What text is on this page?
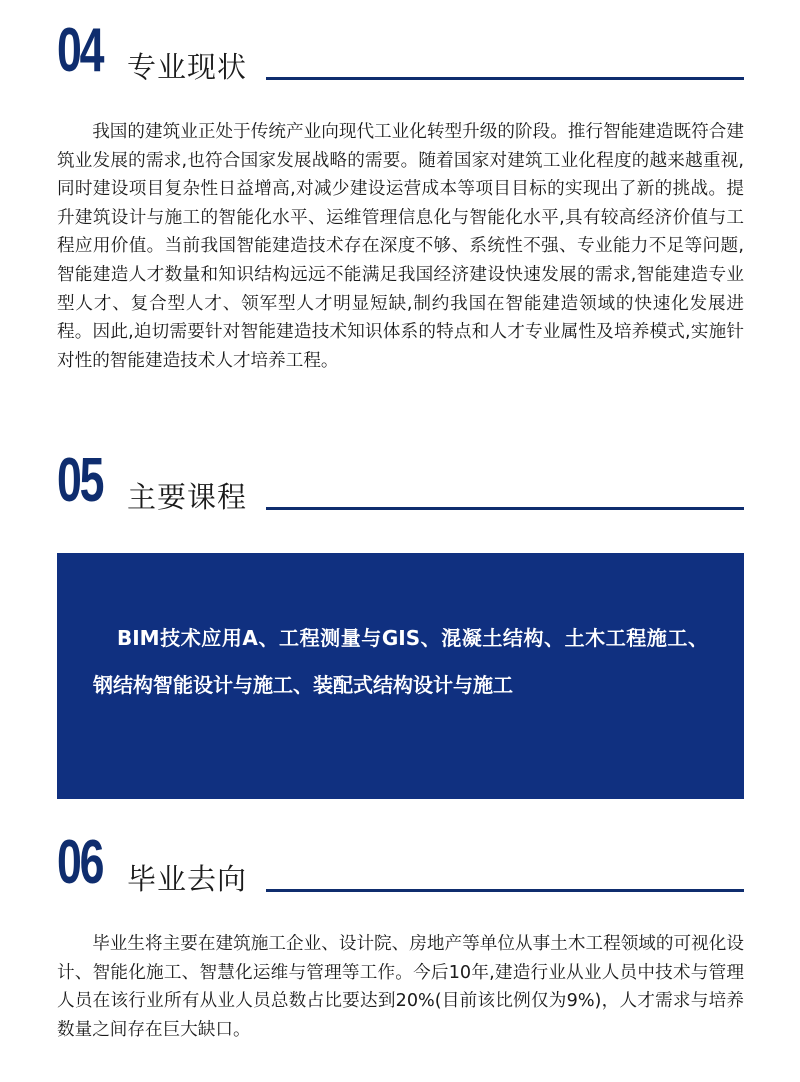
04 专业现状

我国的建筑业正处于传统产业向现代工业化转型升级的阶段。推行智能建造既符合建筑业发展的需求,也符合国家发展战略的需要。随着国家对建筑工业化程度的越来越重视,同时建设项目复杂性日益增高,对减少建设运营成本等项目目标的实现出了新的挑战。提升建筑设计与施工的智能化水平、运维管理信息化与智能化水平,具有较高经济价值与工程应用价值。当前我国智能建造技术存在深度不够、系统性不强、专业能力不足等问题,智能建造人才数量和知识结构远远不能满足我国经济建设快速发展的需求,智能建造专业型人才、复合型人才、领军型人才明显短缺,制约我国在智能建造领域的快速化发展进程。因此,迫切需要针对智能建造技术知识体系的特点和人才专业属性及培养模式,实施针对性的智能建造技术人才培养工程。

05 主要课程

BIM技术应用A、工程测量与GIS、混凝土结构、土木工程施工、钢结构智能设计与施工、装配式结构设计与施工

06 毕业去向

毕业生将主要在建筑施工企业、设计院、房地产等单位从事土木工程领域的可视化设计、智能化施工、智慧化运维与管理等工作。今后10年,建造行业从业人员中技术与管理人员在该行业所有从业人员总数占比要达到20%(目前该比例仅为9%)，人才需求与培养数量之间存在巨大缺口。
